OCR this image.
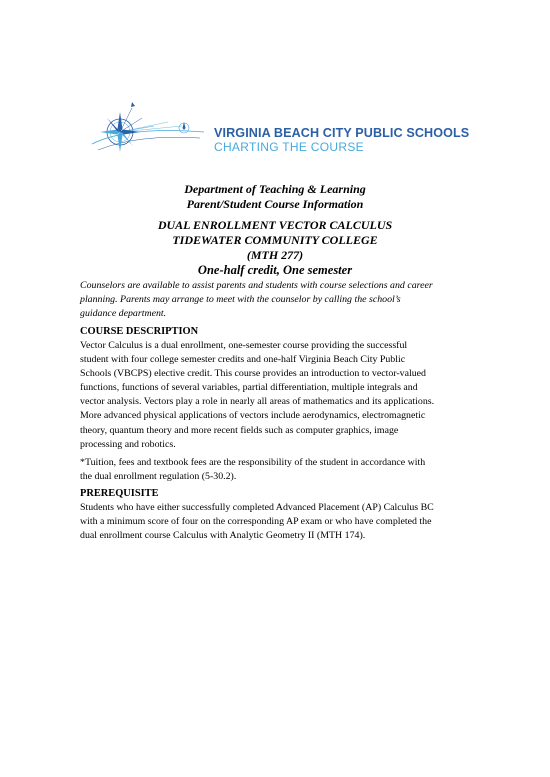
VIRGINIA BEACH CITY PUBLIC SCHOOLS
CHARTING THE COURSE
Department of Teaching & Learning
Parent/Student Course Information
DUAL ENROLLMENT VECTOR CALCULUS
TIDEWATER COMMUNITY COLLEGE
(MTH 277)
One-half credit, One semester
Counselors are available to assist parents and students with course selections and career
planning. Parents may arrange to meet with the counselor by calling the school’s
guidance department.
COURSE DESCRIPTION
Vector Calculus is a dual enrollment, one-semester course providing the successful
student with four college semester credits and one-half Virginia Beach City Public
Schools (VBCPS) elective credit. This course provides an introduction to vector-valued
functions, functions of several variables, partial differentiation, multiple integrals and
vector analysis. Vectors play a role in nearly all areas of mathematics and its applications.
More advanced physical applications of vectors include aerodynamics, electromagnetic
theory, quantum theory and more recent fields such as computer graphics, image
processing and robotics.
*Tuition, fees and textbook fees are the responsibility of the student in accordance with
the dual enrollment regulation (5-30.2).
PREREQUISITE
Students who have either successfully completed Advanced Placement (AP) Calculus BC
with a minimum score of four on the corresponding AP exam or who have completed the
dual enrollment course Calculus with Analytic Geometry II (MTH 174).
